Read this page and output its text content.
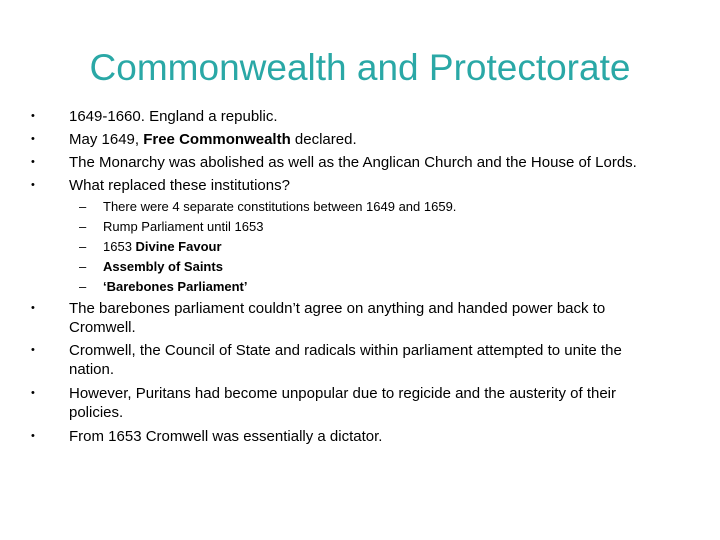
Commonwealth and Protectorate
• 1649-1660. England a republic.
• May 1649, Free Commonwealth declared.
• The Monarchy was abolished as well as the Anglican Church and the House of Lords.
• What replaced these institutions?
– There were 4 separate constitutions between 1649 and 1659.
– Rump Parliament until 1653
– 1653 Divine Favour
– Assembly of Saints
– ‘Barebones Parliament’
• The barebones parliament couldn’t agree on anything and handed power back to Cromwell.
• Cromwell, the Council of State and radicals within parliament attempted to unite the nation.
• However, Puritans had become unpopular due to regicide and the austerity of their policies.
• From 1653 Cromwell was essentially a dictator.
